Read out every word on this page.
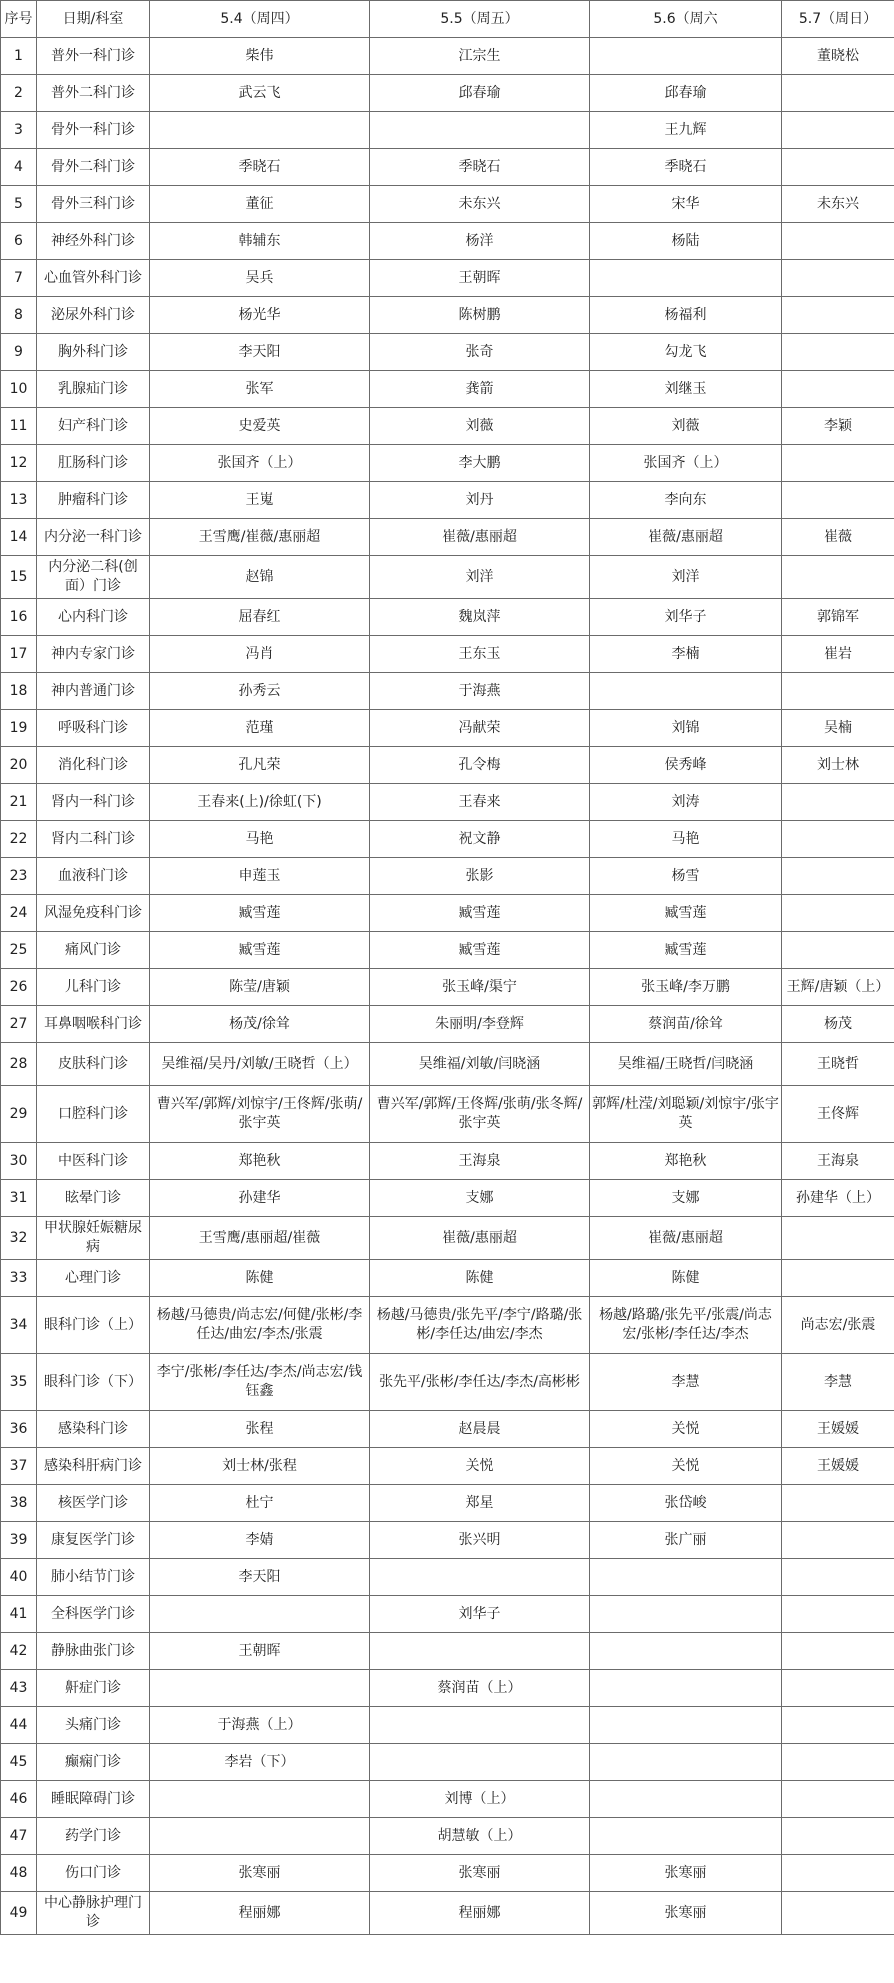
序号	日期/科室	5.4（周四）	5.5（周五）	5.6（周六	5.7（周日）
1	普外一科门诊	柴伟	江宗生		董晓松
2	普外二科门诊	武云飞	邱春瑜	邱春瑜	
3	骨外一科门诊			王九辉	
4	骨外二科门诊	季晓石	季晓石	季晓石	
5	骨外三科门诊	董征	未东兴	宋华	未东兴
6	神经外科门诊	韩辅东	杨洋	杨陆	
7	心血管外科门诊	吴兵	王朝晖		
8	泌尿外科门诊	杨光华	陈树鹏	杨福利	
9	胸外科门诊	李天阳	张奇	勾龙飞	
10	乳腺疝门诊	张军	龚箭	刘继玉	
11	妇产科门诊	史爱英	刘薇	刘薇	李颖
12	肛肠科门诊	张国齐（上）	李大鹏	张国齐（上）	
13	肿瘤科门诊	王嵬	刘丹	李向东	
14	内分泌一科门诊	王雪鹰/崔薇/惠丽超	崔薇/惠丽超	崔薇/惠丽超	崔薇
15	内分泌二科(创面）门诊	赵锦	刘洋	刘洋	
16	心内科门诊	屈春红	魏岚萍	刘华子	郭锦军
17	神内专家门诊	冯肖	王东玉	李楠	崔岩
18	神内普通门诊	孙秀云	于海燕		
19	呼吸科门诊	范瑾	冯献荣	刘锦	吴楠
20	消化科门诊	孔凡荣	孔令梅	侯秀峰	刘士林
21	肾内一科门诊	王春来(上)/徐虹(下)	王春来	刘涛	
22	肾内二科门诊	马艳	祝文静	马艳	
23	血液科门诊	申莲玉	张影	杨雪	
24	风湿免疫科门诊	臧雪莲	臧雪莲	臧雪莲	
25	痛风门诊	臧雪莲	臧雪莲	臧雪莲	
26	儿科门诊	陈莹/唐颖	张玉峰/渠宁	张玉峰/李万鹏	王辉/唐颖（上）
27	耳鼻咽喉科门诊	杨茂/徐耸	朱丽明/李登辉	蔡润苗/徐耸	杨茂
28	皮肤科门诊	吴维福/吴丹/刘敏/王晓哲（上）	吴维福/刘敏/闫晓涵	吴维福/王晓哲/闫晓涵	王晓哲
29	口腔科门诊	曹兴军/郭辉/刘惊宇/王佟辉/张萌/张宇英	曹兴军/郭辉/王佟辉/张萌/张冬辉/张宇英	郭辉/杜滢/刘聪颖/刘惊宇/张宇英	王佟辉
30	中医科门诊	郑艳秋	王海泉	郑艳秋	王海泉
31	眩晕门诊	孙建华	支娜	支娜	孙建华（上）
32	甲状腺妊娠糖尿病	王雪鹰/惠丽超/崔薇	崔薇/惠丽超	崔薇/惠丽超	
33	心理门诊	陈健	陈健	陈健	
34	眼科门诊（上）	杨越/马德贵/尚志宏/何健/张彬/李任达/曲宏/李杰/张震	杨越/马德贵/张先平/李宁/路璐/张彬/李任达/曲宏/李杰	杨越/路璐/张先平/张震/尚志宏/张彬/李任达/李杰	尚志宏/张震
35	眼科门诊（下）	李宁/张彬/李任达/李杰/尚志宏/钱钰鑫	张先平/张彬/李任达/李杰/高彬彬	李慧	李慧
36	感染科门诊	张程	赵晨晨	关悦	王媛媛
37	感染科肝病门诊	刘士林/张程	关悦	关悦	王媛媛
38	核医学门诊	杜宁	郑星	张岱峻	
39	康复医学门诊	李婧	张兴明	张广丽	
40	肺小结节门诊	李天阳			
41	全科医学门诊		刘华子		
42	静脉曲张门诊	王朝晖			
43	鼾症门诊		蔡润苗（上）		
44	头痛门诊	于海燕（上）			
45	癫痫门诊	李岩（下）			
46	睡眠障碍门诊		刘博（上）		
47	药学门诊		胡慧敏（上）		
48	伤口门诊	张寒丽	张寒丽	张寒丽	
49	中心静脉护理门诊	程丽娜	程丽娜	张寒丽	
